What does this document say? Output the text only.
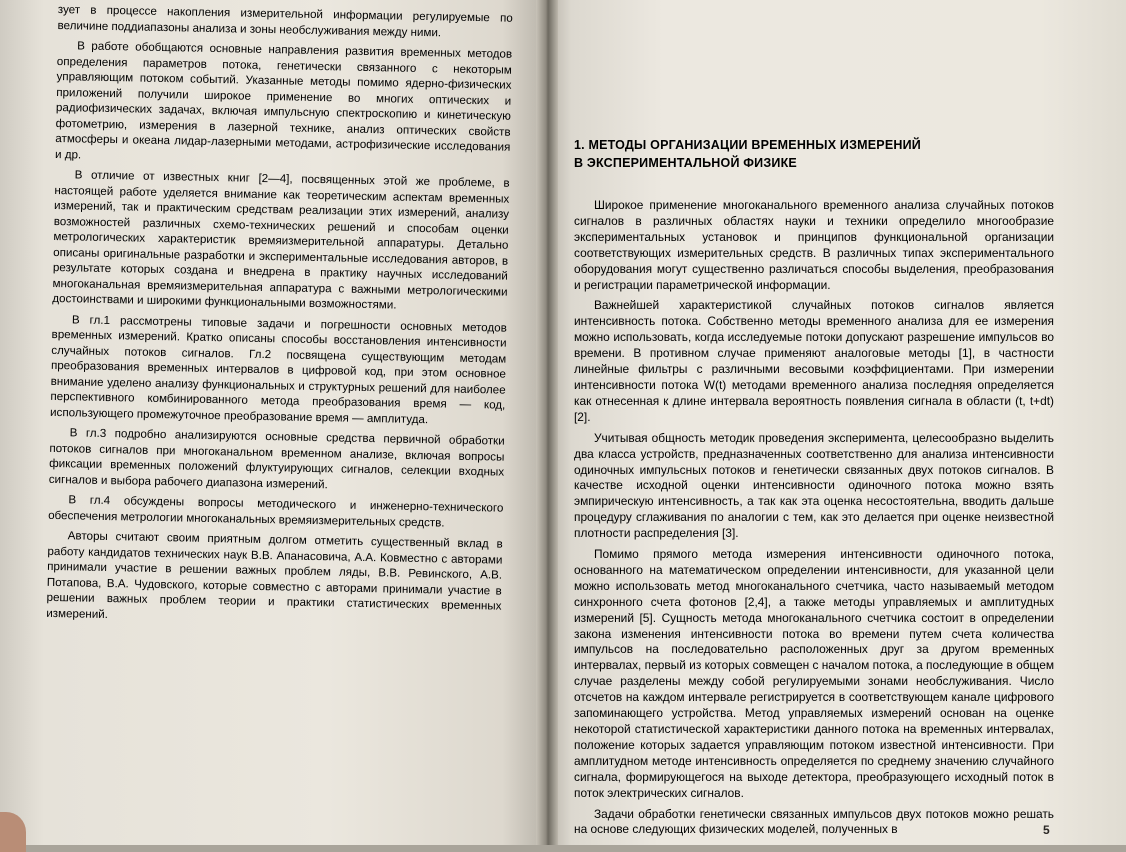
зует в процессе накопления измерительной информации регулируемые по величине поддиапазоны анализа и зоны необслуживания между ними.

В работе обобщаются основные направления развития временных методов определения параметров потока, генетически связанного с некоторым управляющим потоком событий. Указанные методы помимо ядерно-физических приложений получили широкое применение во многих оптических и радиофизических задачах, включая импульсную спектроскопию и кинетическую фотометрию, измерения в лазерной технике, анализ оптических свойств атмосферы и океана лидар-лазерными методами, астрофизические исследования и др.

В отличие от известных книг [2—4], посвященных этой же проблеме, в настоящей работе уделяется внимание как теоретическим аспектам временных измерений, так и практическим средствам реализации этих измерений, анализу возможностей различных схемо-технических решений и способам оценки метрологических характеристик времяизмерительной аппаратуры. Детально описаны оригинальные разработки и экспериментальные исследования авторов, в результате которых создана и внедрена в практику научных исследований многоканальная времяизмерительная аппаратура с важными метрологическими достоинствами и широкими функциональными возможностями.

В гл.1 рассмотрены типовые задачи и погрешности основных методов временных измерений. Кратко описаны способы восстановления интенсивности случайных потоков сигналов. Гл.2 посвящена существующим методам преобразования временных интервалов в цифровой код, при этом основное внимание уделено анализу функциональных и структурных решений для наиболее перспективного комбинированного метода преобразования время — код, использующего промежуточное преобразование время — амплитуда.

В гл.3 подробно анализируются основные средства первичной обработки потоков сигналов при многоканальном временном анализе, включая вопросы фиксации временных положений флуктуирующих сигналов, селекции входных сигналов и выбора рабочего диапазона измерений.

В гл.4 обсуждены вопросы методического и инженерно-технического обеспечения метрологии многоканальных времяизмерительных средств.

Авторы считают своим приятным долгом отметить существенный вклад в работу кандидатов технических наук В.В. Апанасовича, А.А. Ковместно с авторами принимали участие в решении важных проблем ляды, В.В. Ревинского, А.В. Потапова, В.А. Чудовского, которые совместно с авторами принимали участие в решении важных проблем теории и практики статистических временных измерений.

1. МЕТОДЫ ОРГАНИЗАЦИИ ВРЕМЕННЫХ ИЗМЕРЕНИЙ
В ЭКСПЕРИМЕНТАЛЬНОЙ ФИЗИКЕ

Широкое применение многоканального временного анализа случайных потоков сигналов в различных областях науки и техники определило многообразие экспериментальных установок и принципов функциональной организации соответствующих измерительных средств. В различных типах экспериментального оборудования могут существенно различаться способы выделения, преобразования и регистрации параметрической информации.

Важнейшей характеристикой случайных потоков сигналов является интенсивность потока. Собственно методы временного анализа для ее измерения можно использовать, когда исследуемые потоки допускают разрешение импульсов во времени. В противном случае применяют аналоговые методы [1], в частности линейные фильтры с различными весовыми коэффициентами. При измерении интенсивности потока W(t) методами временного анализа последняя определяется как отнесенная к длине интервала вероятность появления сигнала в области (t, t+dt) [2].

Учитывая общность методик проведения эксперимента, целесообразно выделить два класса устройств, предназначенных соответственно для анализа интенсивности одиночных импульсных потоков и генетически связанных двух потоков сигналов. В качестве исходной оценки интенсивности одиночного потока можно взять эмпирическую интенсивность, а так как эта оценка несостоятельна, вводить дальше процедуру сглаживания по аналогии с тем, как это делается при оценке неизвестной плотности распределения [3].

Помимо прямого метода измерения интенсивности одиночного потока, основанного на математическом определении интенсивности, для указанной цели можно использовать метод многоканального счетчика, часто называемый методом синхронного счета фотонов [2,4], а также методы управляемых и амплитудных измерений [5]. Сущность метода многоканального счетчика состоит в определении закона изменения интенсивности потока во времени путем счета количества импульсов на последовательно расположенных друг за другом временных интервалах, первый из которых совмещен с началом потока, а последующие в общем случае разделены между собой регулируемыми зонами необслуживания. Число отсчетов на каждом интервале регистрируется в соответствующем канале цифрового запоминающего устройства. Метод управляемых измерений основан на оценке некоторой статистической характеристики данного потока на временных интервалах, положение которых задается управляющим потоком известной интенсивности. При амплитудном методе интенсивность определяется по среднему значению случайного сигнала, формирующегося на выходе детектора, преобразующего исходный поток в поток электрических сигналов.

Задачи обработки генетически связанных импульсов двух потоков можно решать на основе следующих физических моделей, полученных в	5
